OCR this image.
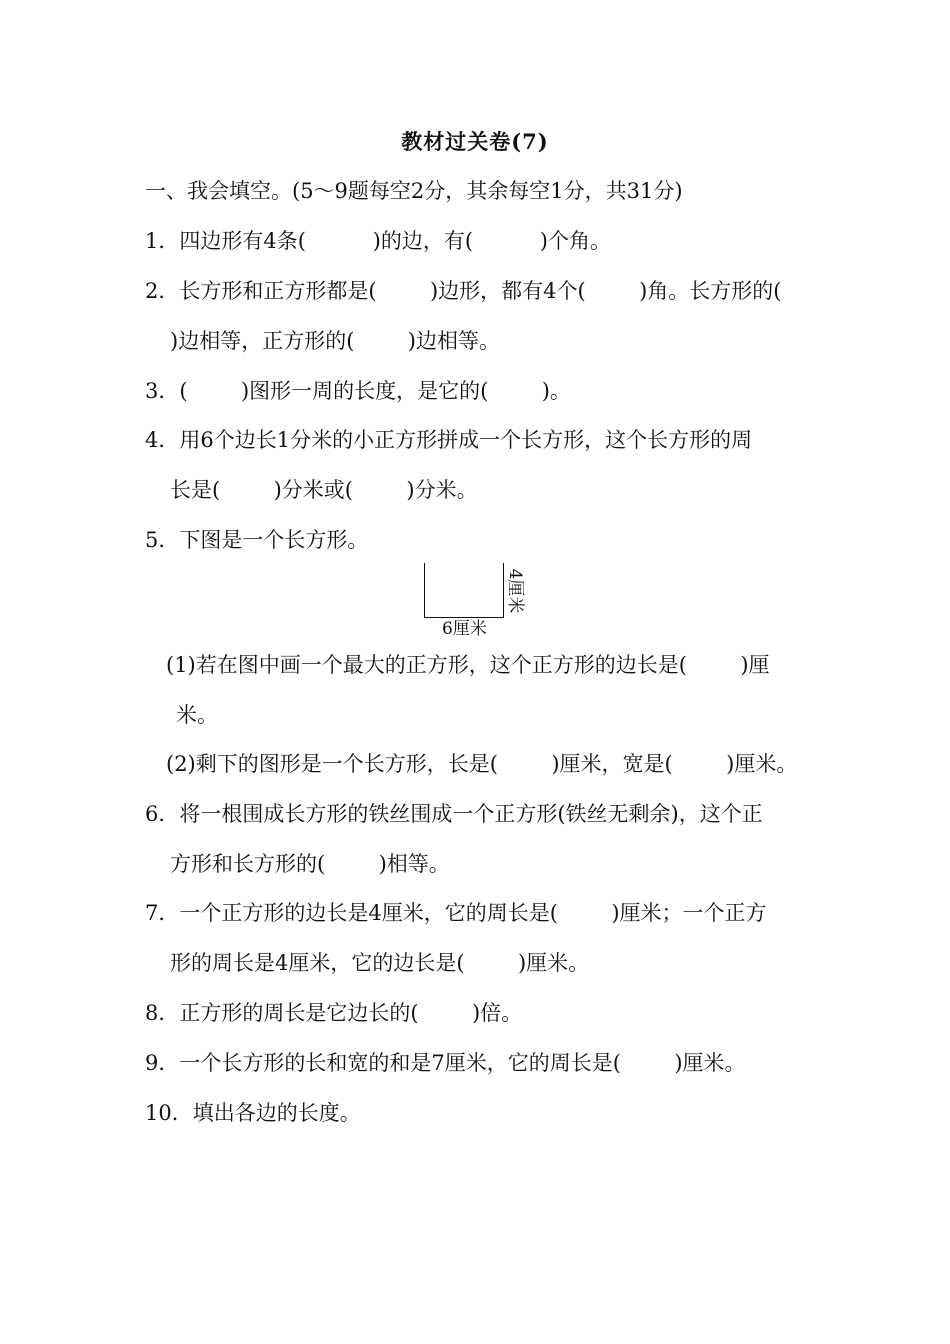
教材过关卷(7)
一、我会填空。(5～9题每空2分，其余每空1分，共31分)
1．四边形有4条(          )的边，有(          )个角。
2．长方形和正方形都是(        )边形，都有4个(        )角。长方形的(
)边相等，正方形的(        )边相等。
3．(        )图形一周的长度，是它的(        )。
4．用6个边长1分米的小正方形拼成一个长方形，这个长方形的周
长是(        )分米或(        )分米。
5．下图是一个长方形。
6厘米
4厘米
(1)若在图中画一个最大的正方形，这个正方形的边长是(        )厘
米。
(2)剩下的图形是一个长方形，长是(        )厘米，宽是(        )厘米。
6．将一根围成长方形的铁丝围成一个正方形(铁丝无剩余)，这个正
方形和长方形的(        )相等。
7．一个正方形的边长是4厘米，它的周长是(        )厘米；一个正方
形的周长是4厘米，它的边长是(        )厘米。
8．正方形的周长是它边长的(        )倍。
9．一个长方形的长和宽的和是7厘米，它的周长是(        )厘米。
10．填出各边的长度。
